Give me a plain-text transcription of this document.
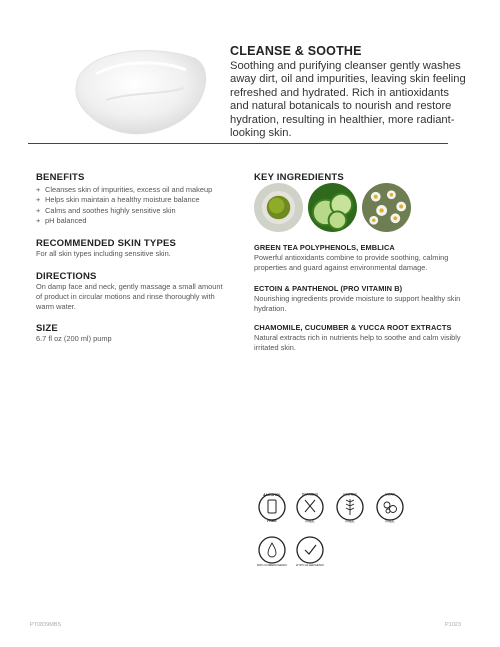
CLEANSE & SOOTHE

Soothing and purifying cleanser gently washes away dirt, oil and impurities, leaving skin feeling refreshed and hydrated. Rich in antioxidants and natural botanicals to nourish and restore hydration, resulting in healthier, more radiant-looking skin.

BENEFITS

+ Cleanses skin of impurities, excess oil and makeup
+ Helps skin maintain a healthy moisture balance
+ Calms and soothes highly sensitive skin
+ pH balanced

RECOMMENDED SKIN TYPES

For all skin types including sensitive skin.

DIRECTIONS

On damp face and neck, gently massage a small amount of product in circular motions and rinse thoroughly with warm water.

SIZE

6.7 fl oz (200 ml) pump

KEY INGREDIENTS

GREEN TEA POLYPHENOLS, EMBLICA

Powerful antioxidants combine to provide soothing, calming properties and guard against environmental damage.

ECTOIN & PANTHENOL (PRO VITAMIN B)

Nourishing ingredients provide moisture to support healthy skin hydration.

CHAMOMILE, CUCUMBER & YUCCA ROOT EXTRACTS

Natural extracts rich in nutrients help to soothe and calm visibly irritated skin.

ALCOHOL
FREE
PARABEN
FREE
GLUTEN
FREE
SOAP
FREE
NON COMEDOGENIC	HYPO ALLERGENIC
PT0839MBS	P1023
